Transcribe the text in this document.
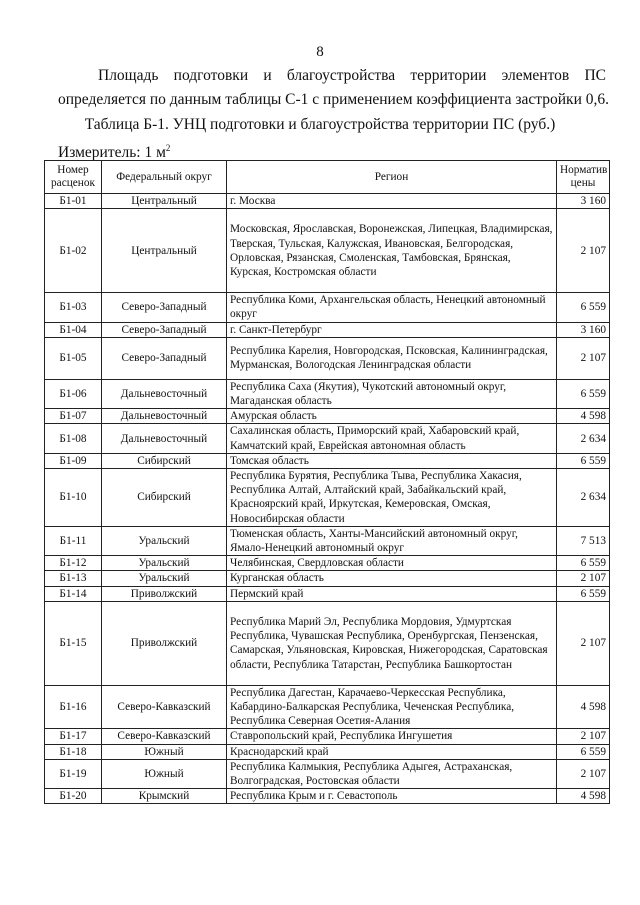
8
Площадь подготовки и благоустройства территории элементов ПС
определяется по данным таблицы С-1 с применением коэффициента застройки 0,6.
Таблица Б-1. УНЦ подготовки и благоустройства территории ПС (руб.)
Измеритель: 1 $м^2$
Номер расценок	Федеральный округ	Регион	Норматив цены
Б1-01	Центральный	г. Москва	3 160
Б1-02	Центральный	Московская, Ярославская, Воронежская, Липецкая, Владимирская, Тверская, Тульская, Калужская, Ивановская, Белгородская, Орловская, Рязанская, Смоленская, Тамбовская, Брянская, Курская, Костромская области	2 107
Б1-03	Северо-Западный	Республика Коми, Архангельская область, Ненецкий автономный округ	6 559
Б1-04	Северо-Западный	г. Санкт-Петербург	3 160
Б1-05	Северо-Западный	Республика Карелия, Новгородская, Псковская, Калининградская, Мурманская, Вологодская Ленинградская области	2 107
Б1-06	Дальневосточный	Республика Саха (Якутия), Чукотский автономный округ, Магаданская область	6 559
Б1-07	Дальневосточный	Амурская область	4 598
Б1-08	Дальневосточный	Сахалинская область, Приморский край, Хабаровский край, Камчатский край, Еврейская автономная область	2 634
Б1-09	Сибирский	Томская область	6 559
Б1-10	Сибирский	Республика Бурятия, Республика Тыва, Республика Хакасия, Республика Алтай, Алтайский край, Забайкальский край, Красноярский край, Иркутская, Кемеровская, Омская, Новосибирская области	2 634
Б1-11	Уральский	Тюменская область, Ханты-Мансийский автономный округ, Ямало-Ненецкий автономный округ	7 513
Б1-12	Уральский	Челябинская, Свердловская области	6 559
Б1-13	Уральский	Курганская область	2 107
Б1-14	Приволжский	Пермский край	6 559
Б1-15	Приволжский	Республика Марий Эл, Республика Мордовия, Удмуртская Республика, Чувашская Республика, Оренбургская, Пензенская, Самарская, Ульяновская, Кировская, Нижегородская, Саратовская области, Республика Татарстан, Республика Башкортостан	2 107
Б1-16	Северо-Кавказский	Республика Дагестан, Карачаево-Черкесская Республика, Кабардино-Балкарская Республика, Чеченская Республика, Республика Северная Осетия-Алания	4 598
Б1-17	Северо-Кавказский	Ставропольский край, Республика Ингушетия	2 107
Б1-18	Южный	Краснодарский край	6 559
Б1-19	Южный	Республика Калмыкия, Республика Адыгея, Астраханская, Волгоградская, Ростовская области	2 107
Б1-20	Крымский	Республика Крым и г. Севастополь	4 598
